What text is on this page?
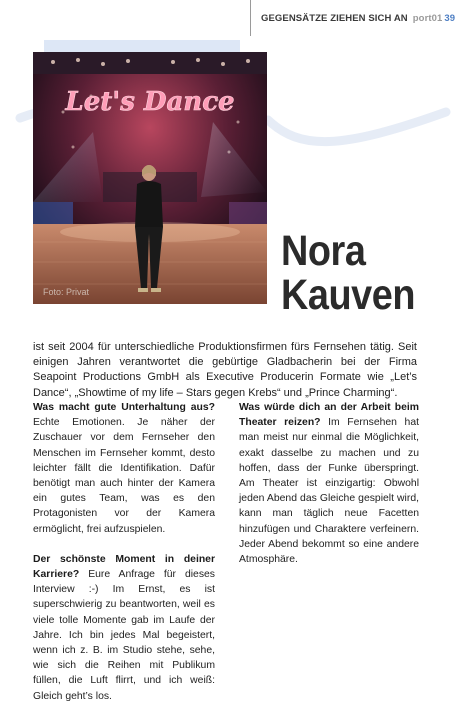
GEGENSÄTZE ZIEHEN SICH AN port01 39
Let's Dance
Foto: Privat
Nora
Kauven
ist seit 2004 für unterschiedliche Produktionsfirmen fürs Fernsehen tätig. Seit einigen Jahren verantwortet die gebürtige Gladbacherin bei der Firma Seapoint Productions GmbH als Executive Producerin Formate wie „Let’s Dance“, „Showtime of my life – Stars gegen Krebs“ und „Prince Charming“.

Was macht gute Unterhaltung aus? Echte Emotionen. Je näher der Zuschauer vor dem Fernseher den Menschen im Fernseher kommt, desto leichter fällt die Identifikation. Dafür benötigt man auch hinter der Kamera ein gutes Team, was es den Protagonisten vor der Kamera ermöglicht, frei aufzuspielen.

Der schönste Moment in deiner Karriere? Eure Anfrage für dieses Interview :-) Im Ernst, es ist superschwierig zu beantworten, weil es viele tolle Momente gab im Laufe der Jahre. Ich bin jedes Mal begeistert, wenn ich z. B. im Studio stehe, sehe, wie sich die Reihen mit Publikum füllen, die Luft flirrt, und ich weiß: Gleich geht’s los.

Was würde dich an der Arbeit beim Theater reizen? Im Fernsehen hat man meist nur einmal die Möglichkeit, exakt dasselbe zu machen und zu hoffen, dass der Funke überspringt. Am Theater ist einzigartig: Obwohl jeden Abend das Gleiche gespielt wird, kann man täglich neue Facetten hinzufügen und Charaktere verfeinern. Jeder Abend bekommt so eine andere Atmosphäre.
